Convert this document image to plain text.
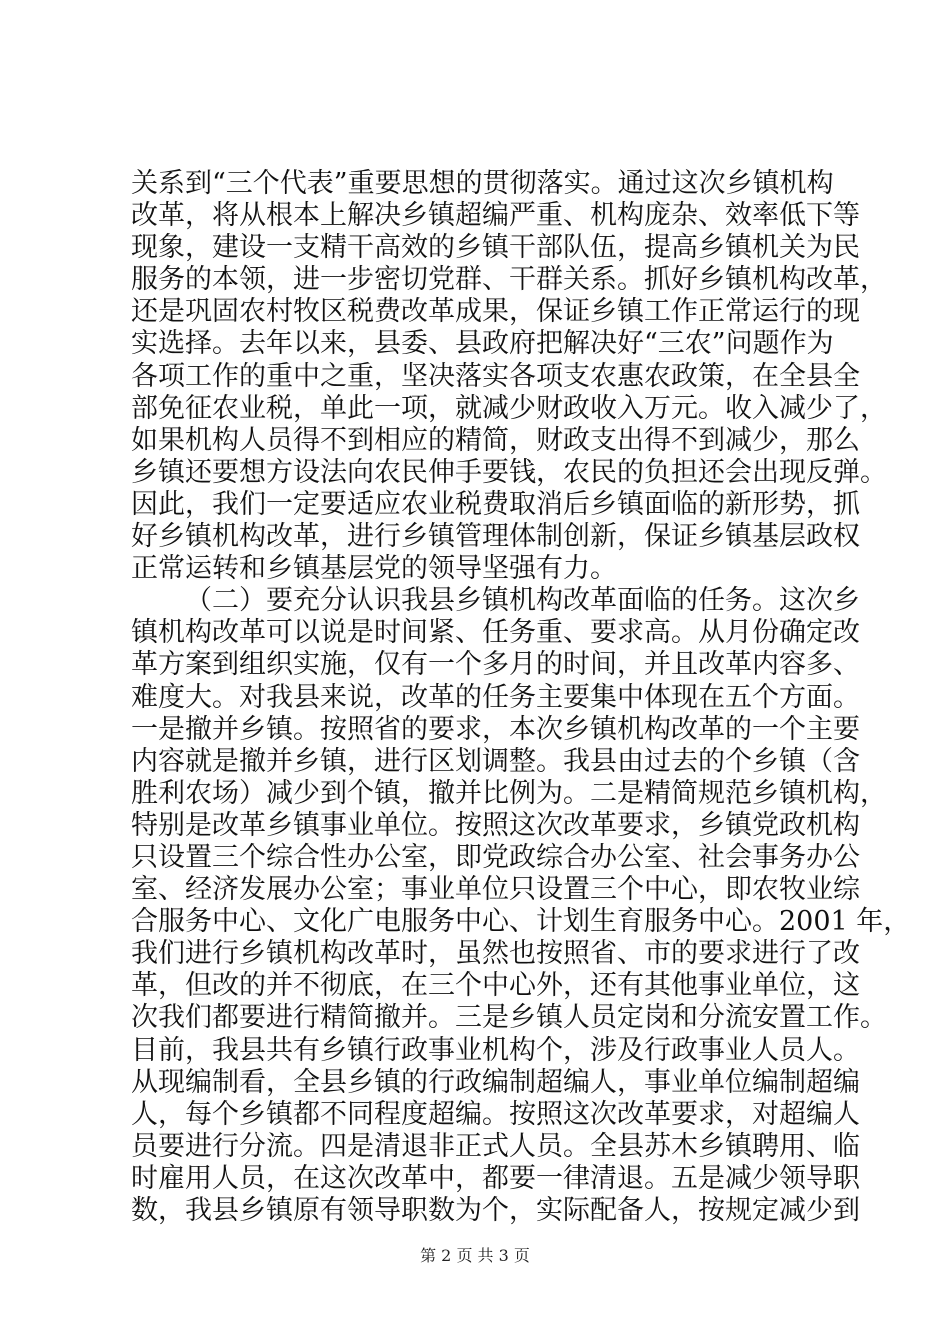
关系到“三个代表”重要思想的贯彻落实。通过这次乡镇机构
改革，将从根本上解决乡镇超编严重、机构庞杂、效率低下等
现象，建设一支精干高效的乡镇干部队伍，提高乡镇机关为民
服务的本领，进一步密切党群、干群关系。抓好乡镇机构改革，
还是巩固农村牧区税费改革成果，保证乡镇工作正常运行的现
实选择。去年以来，县委、县政府把解决好“三农”问题作为
各项工作的重中之重，坚决落实各项支农惠农政策，在全县全
部免征农业税，单此一项，就减少财政收入万元。收入减少了，
如果机构人员得不到相应的精简，财政支出得不到减少，那么
乡镇还要想方设法向农民伸手要钱，农民的负担还会出现反弹。
因此，我们一定要适应农业税费取消后乡镇面临的新形势，抓
好乡镇机构改革，进行乡镇管理体制创新，保证乡镇基层政权
正常运转和乡镇基层党的领导坚强有力。
（二）要充分认识我县乡镇机构改革面临的任务。这次乡
镇机构改革可以说是时间紧、任务重、要求高。从月份确定改
革方案到组织实施，仅有一个多月的时间，并且改革内容多、
难度大。对我县来说，改革的任务主要集中体现在五个方面。
一是撤并乡镇。按照省的要求，本次乡镇机构改革的一个主要
内容就是撤并乡镇，进行区划调整。我县由过去的个乡镇（含
胜利农场）减少到个镇，撤并比例为。二是精简规范乡镇机构，
特别是改革乡镇事业单位。按照这次改革要求，乡镇党政机构
只设置三个综合性办公室，即党政综合办公室、社会事务办公
室、经济发展办公室；事业单位只设置三个中心，即农牧业综
合服务中心、文化广电服务中心、计划生育服务中心。2001 年，
我们进行乡镇机构改革时，虽然也按照省、市的要求进行了改
革，但改的并不彻底，在三个中心外，还有其他事业单位，这
次我们都要进行精简撤并。三是乡镇人员定岗和分流安置工作。
目前，我县共有乡镇行政事业机构个，涉及行政事业人员人。
从现编制看，全县乡镇的行政编制超编人，事业单位编制超编
人，每个乡镇都不同程度超编。按照这次改革要求，对超编人
员要进行分流。四是清退非正式人员。全县苏木乡镇聘用、临
时雇用人员，在这次改革中，都要一律清退。五是减少领导职
数，我县乡镇原有领导职数为个，实际配备人，按规定减少到
第 2 页 共 3 页
